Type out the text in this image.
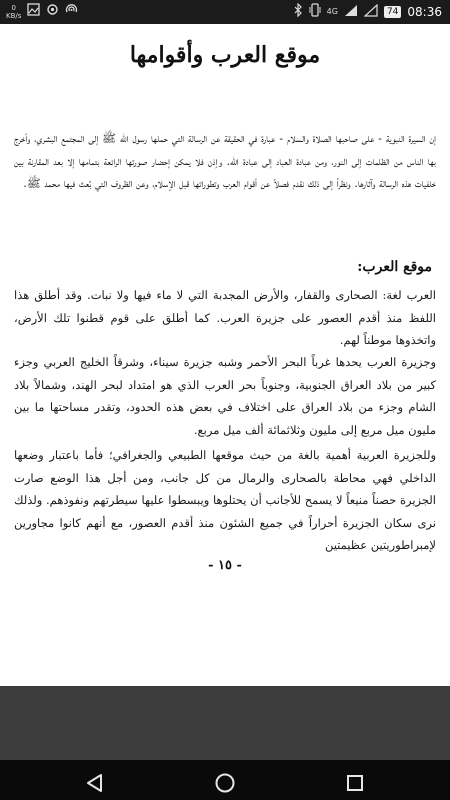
0
KB/s	4G	74 08:36
موقع العرب وأقوامها

إن السيرة النبوية - على صاحبها الصلاة والسلام - عبارة في الحقيقة عن الرسالة التي حملها رسول الله ﷺ إلى المجتمع البشري، وأخرج بها الناس من الظلمات إلى النور، ومن عبادة العباد إلى عبادة الله. وإذن فلا يمكن إحضار صورتها الرائعة بتمامها إلا بعد المقارنة بين خلفيات هذه الرسالة وآثارها. ونظراً إلى ذلك نقدم فصلاً عن أقوام العرب وتطوراتها قبل الإسلام، وعن الظروف التي بُعث فيها محمد ﷺ.

موقع العرب:

العرب لغة: الصحارى والقفار، والأرض المجدبة التي لا ماء فيها ولا نبات. وقد أطلق هذا اللفظ منذ أقدم العصور على جزيرة العرب. كما أطلق على قوم قطنوا تلك الأرض، واتخذوها موطناً لهم.

وجزيرة العرب يحدها غرباً البحر الأحمر وشبه جزيرة سيناء، وشرقاً الخليج العربي وجزء كبير من بلاد العراق الجنوبية، وجنوباً بحر العرب الذي هو امتداد لبحر الهند، وشمالاً بلاد الشام وجزء من بلاد العراق على اختلاف في بعض هذه الحدود، وتقدر مساحتها ما بين مليون ميل مربع إلى مليون وثلاثمائة ألف ميل مربع.

وللجزيرة العربية أهمية بالغة من حيث موقعها الطبيعي والجغرافي؛ فأما باعتبار وضعها الداخلي فهي محاطة بالصحارى والرمال من كل جانب، ومن أجل هذا الوضع صارت الجزيرة حصناً منيعاً لا يسمح للأجانب أن يحتلوها ويبسطوا عليها سيطرتهم ونفوذهم. ولذلك نرى سكان الجزيرة أحراراً في جميع الشئون منذ أقدم العصور، مع أنهم كانوا مجاورين لإمبراطوريتين عظيمتين

- ١٥ -
